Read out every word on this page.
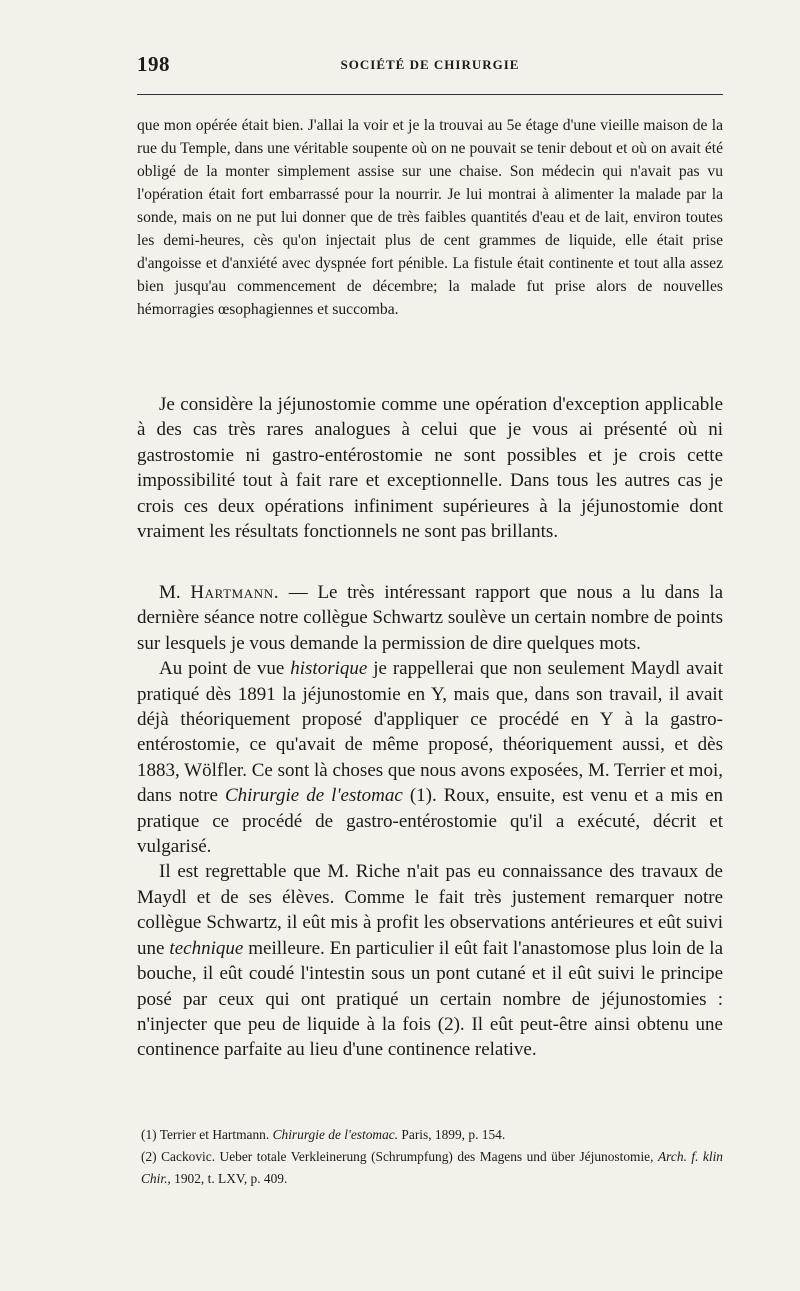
198	SOCIÉTÉ DE CHIRURGIE

que mon opérée était bien. J'allai la voir et je la trouvai au 5e étage d'une vieille maison de la rue du Temple, dans une véritable soupente où on ne pouvait se tenir debout et où on avait été obligé de la monter simplement assise sur une chaise. Son médecin qui n'avait pas vu l'opération était fort embarrassé pour la nourrir. Je lui montrai à alimenter la malade par la sonde, mais on ne put lui donner que de très faibles quantités d'eau et de lait, environ toutes les demi-heures, cès qu'on injectait plus de cent grammes de liquide, elle était prise d'angoisse et d'anxiété avec dyspnée fort pénible. La fistule était continente et tout alla assez bien jusqu'au commencement de décembre; la malade fut prise alors de nouvelles hémorragies œsophagiennes et succomba.

Je considère la jéjunostomie comme une opération d'exception applicable à des cas très rares analogues à celui que je vous ai présenté où ni gastrostomie ni gastro-entérostomie ne sont possibles et je crois cette impossibilité tout à fait rare et exceptionnelle. Dans tous les autres cas je crois ces deux opérations infiniment supérieures à la jéjunostomie dont vraiment les résultats fonctionnels ne sont pas brillants.

M. Hartmann. — Le très intéressant rapport que nous a lu dans la dernière séance notre collègue Schwartz soulève un certain nombre de points sur lesquels je vous demande la permission de dire quelques mots.

Au point de vue historique je rappellerai que non seulement Maydl avait pratiqué dès 1891 la jéjunostomie en Y, mais que, dans son travail, il avait déjà théoriquement proposé d'appliquer ce procédé en Y à la gastro-entérostomie, ce qu'avait de même proposé, théoriquement aussi, et dès 1883, Wölfler. Ce sont là choses que nous avons exposées, M. Terrier et moi, dans notre Chirurgie de l'estomac (1). Roux, ensuite, est venu et a mis en pratique ce procédé de gastro-entérostomie qu'il a exécuté, décrit et vulgarisé.

Il est regrettable que M. Riche n'ait pas eu connaissance des travaux de Maydl et de ses élèves. Comme le fait très justement remarquer notre collègue Schwartz, il eût mis à profit les observations antérieures et eût suivi une technique meilleure. En particulier il eût fait l'anastomose plus loin de la bouche, il eût coudé l'intestin sous un pont cutané et il eût suivi le principe posé par ceux qui ont pratiqué un certain nombre de jéjunostomies : n'injecter que peu de liquide à la fois (2). Il eût peut-être ainsi obtenu une continence parfaite au lieu d'une continence relative.

(1) Terrier et Hartmann. Chirurgie de l'estomac. Paris, 1899, p. 154.
(2) Cackovic. Ueber totale Verkleinerung (Schrumpfung) des Magens und über Jéjunostomie, Arch. f. klin Chir., 1902, t. LXV, p. 409.
